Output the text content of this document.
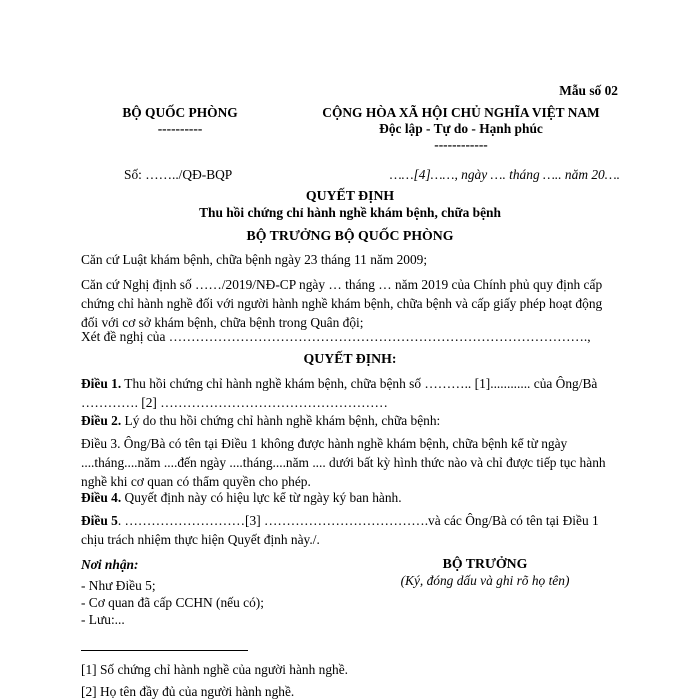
Mẫu số 02
BỘ QUỐC PHÒNG
----------
CỘNG HÒA XÃ HỘI CHỦ NGHĨA VIỆT NAM
Độc lập - Tự do - Hạnh phúc
------------
Số: ……../QĐ-BQP	……[4]……, ngày …. tháng ….. năm 20….
QUYẾT ĐỊNH
Thu hồi chứng chỉ hành nghề khám bệnh, chữa bệnh
BỘ TRƯỞNG BỘ QUỐC PHÒNG
Căn cứ Luật khám bệnh, chữa bệnh ngày 23 tháng 11 năm 2009;
Căn cứ Nghị định số ……/2019/NĐ-CP ngày … tháng … năm 2019 của Chính phủ quy định cấp chứng chỉ hành nghề đối với người hành nghề khám bệnh, chữa bệnh và cấp giấy phép hoạt động đối với cơ sở khám bệnh, chữa bệnh trong Quân đội;
Xét đề nghị của ………………………………………………………………………………….,
QUYẾT ĐỊNH:
Điều 1. Thu hồi chứng chỉ hành nghề khám bệnh, chữa bệnh số ……….. [1]............ của Ông/Bà …………. [2] ……………………………………………
Điều 2. Lý do thu hồi chứng chỉ hành nghề khám bệnh, chữa bệnh:
Điều 3. Ông/Bà có tên tại Điều 1 không được hành nghề khám bệnh, chữa bệnh kể từ ngày ....tháng....năm ....đến ngày ....tháng....năm .... dưới bất kỳ hình thức nào và chỉ được tiếp tục hành nghề khi cơ quan có thẩm quyền cho phép.
Điều 4. Quyết định này có hiệu lực kể từ ngày ký ban hành.
Điều 5. ………………………[3] ……………………………….và các Ông/Bà có tên tại Điều 1 chịu trách nhiệm thực hiện Quyết định này./.
Nơi nhận:
- Như Điều 5;
- Cơ quan đã cấp CCHN (nếu có);
- Lưu:...
BỘ TRƯỞNG
(Ký, đóng dấu và ghi rõ họ tên)
[1] Số chứng chỉ hành nghề của người hành nghề.
[2] Họ tên đầy đủ của người hành nghề.
